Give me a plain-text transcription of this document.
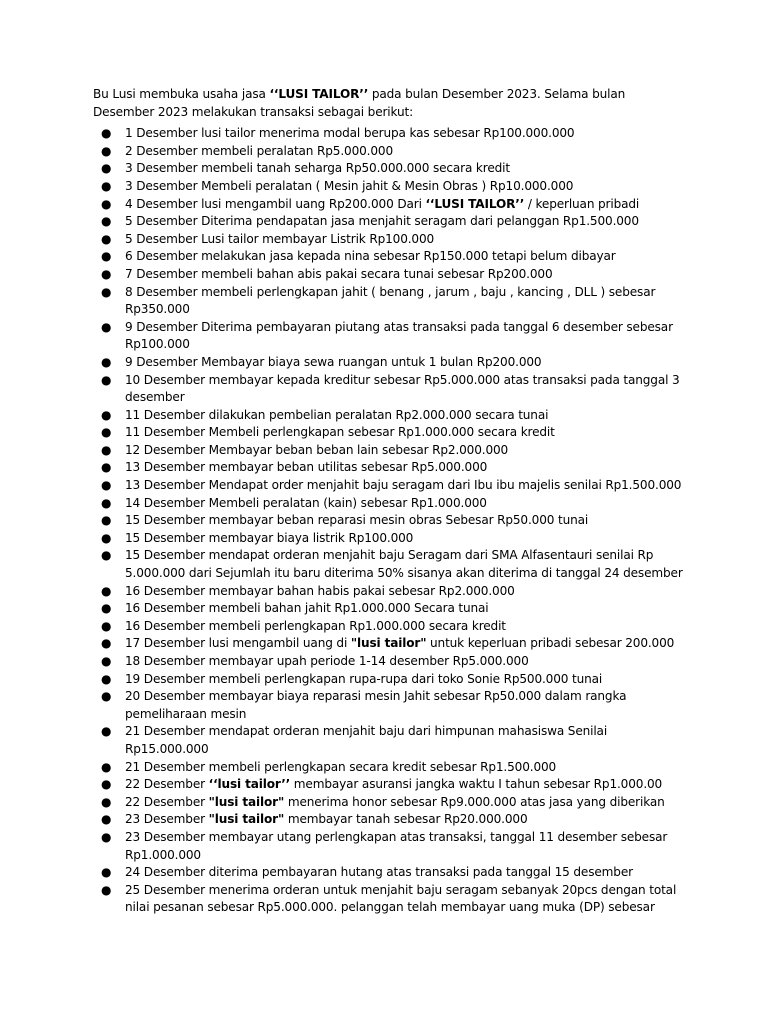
Bu Lusi membuka usaha jasa ‘‘LUSI TAILOR’’ pada bulan Desember 2023. Selama bulan Desember 2023 melakukan transaksi sebagai berikut:

● 1 Desember lusi tailor menerima modal berupa kas sebesar Rp100.000.000
● 2 Desember membeli peralatan Rp5.000.000
● 3 Desember membeli tanah seharga Rp50.000.000 secara kredit
● 3 Desember Membeli peralatan ( Mesin jahit & Mesin Obras ) Rp10.000.000
● 4 Desember lusi mengambil uang Rp200.000 Dari ‘‘LUSI TAILOR’’ / keperluan pribadi
● 5 Desember Diterima pendapatan jasa menjahit seragam dari pelanggan Rp1.500.000
● 5 Desember Lusi tailor membayar Listrik Rp100.000
● 6 Desember melakukan jasa kepada nina sebesar Rp150.000 tetapi belum dibayar
● 7 Desember membeli bahan abis pakai secara tunai sebesar Rp200.000
● 8 Desember membeli perlengkapan jahit ( benang , jarum , baju , kancing , DLL ) sebesar Rp350.000
● 9 Desember Diterima pembayaran piutang atas transaksi pada tanggal 6 desember sebesar Rp100.000
● 9 Desember Membayar biaya sewa ruangan untuk 1 bulan Rp200.000
● 10 Desember membayar kepada kreditur sebesar Rp5.000.000 atas transaksi pada tanggal 3 desember
● 11 Desember dilakukan pembelian peralatan Rp2.000.000 secara tunai
● 11 Desember Membeli perlengkapan sebesar Rp1.000.000 secara kredit
● 12 Desember Membayar beban beban lain sebesar Rp2.000.000
● 13 Desember membayar beban utilitas sebesar Rp5.000.000
● 13 Desember Mendapat order menjahit baju seragam dari Ibu ibu majelis senilai Rp1.500.000
● 14 Desember Membeli peralatan (kain) sebesar Rp1.000.000
● 15 Desember membayar beban reparasi mesin obras Sebesar Rp50.000 tunai
● 15 Desember membayar biaya listrik Rp100.000
● 15 Desember mendapat orderan menjahit baju Seragam dari SMA Alfasentauri senilai Rp 5.000.000 dari Sejumlah itu baru diterima 50% sisanya akan diterima di tanggal 24 desember
● 16 Desember membayar bahan habis pakai sebesar Rp2.000.000
● 16 Desember membeli bahan jahit Rp1.000.000 Secara tunai
● 16 Desember membeli perlengkapan Rp1.000.000 secara kredit
● 17 Desember lusi mengambil uang di "lusi tailor" untuk keperluan pribadi sebesar 200.000
● 18 Desember membayar upah periode 1-14 desember Rp5.000.000
● 19 Desember membeli perlengkapan rupa-rupa dari toko Sonie Rp500.000 tunai
● 20 Desember membayar biaya reparasi mesin Jahit sebesar Rp50.000 dalam rangka pemeliharaan mesin
● 21 Desember mendapat orderan menjahit baju dari himpunan mahasiswa Senilai Rp15.000.000
● 21 Desember membeli perlengkapan secara kredit sebesar Rp1.500.000
● 22 Desember ‘‘lusi tailor’’ membayar asuransi jangka waktu I tahun sebesar Rp1.000.00
● 22 Desember "lusi tailor" menerima honor sebesar Rp9.000.000 atas jasa yang diberikan
● 23 Desember "lusi tailor" membayar tanah sebesar Rp20.000.000
● 23 Desember membayar utang perlengkapan atas transaksi, tanggal 11 desember sebesar Rp1.000.000
● 24 Desember diterima pembayaran hutang atas transaksi pada tanggal 15 desember
● 25 Desember menerima orderan untuk menjahit baju seragam sebanyak 20pcs dengan total nilai pesanan sebesar Rp5.000.000. pelanggan telah membayar uang muka (DP) sebesar
